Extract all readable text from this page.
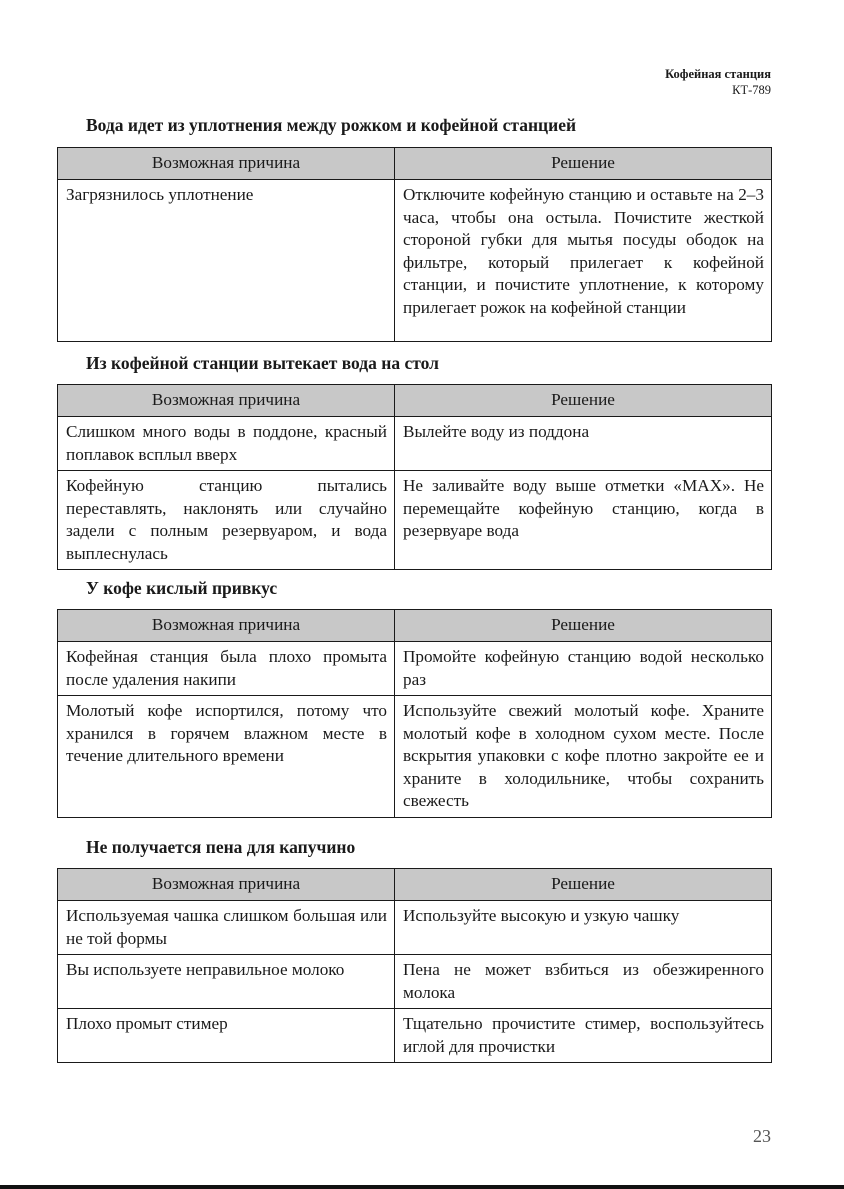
Кофейная станция
КТ-789
Вода идет из уплотнения между рожком и кофейной станцией
Возможная причина	Решение
Загрязнилось уплотнение	Отключите кофейную станцию и оставьте на 2–3 часа, чтобы она остыла. Почистите жесткой стороной губки для мытья посуды ободок на фильтре, который прилегает к кофейной станции, и почистите уплотнение, к которому прилегает рожок на кофейной станции
Из кофейной станции вытекает вода на стол
Возможная причина	Решение
Слишком много воды в поддоне, красный поплавок всплыл вверх	Вылейте воду из поддона
Кофейную станцию пытались переставлять, наклонять или случайно задели с полным резервуаром, и вода выплеснулась	Не заливайте воду выше отметки «MAX». Не перемещайте кофейную станцию, когда в резервуаре вода
У кофе кислый привкус
Возможная причина	Решение
Кофейная станция была плохо промыта после удаления накипи	Промойте кофейную станцию водой несколько раз
Молотый кофе испортился, потому что хранился в горячем влажном месте в течение длительного времени	Используйте свежий молотый кофе. Храните молотый кофе в холодном сухом месте. После вскрытия упаковки с кофе плотно закройте ее и храните в холодильнике, чтобы сохранить свежесть
Не получается пена для капучино
Возможная причина	Решение
Используемая чашка слишком большая или не той формы	Используйте высокую и узкую чашку
Вы используете неправильное молоко	Пена не может взбиться из обезжиренного молока
Плохо промыт стимер	Тщательно прочистите стимер, воспользуйтесь иглой для прочистки
23
